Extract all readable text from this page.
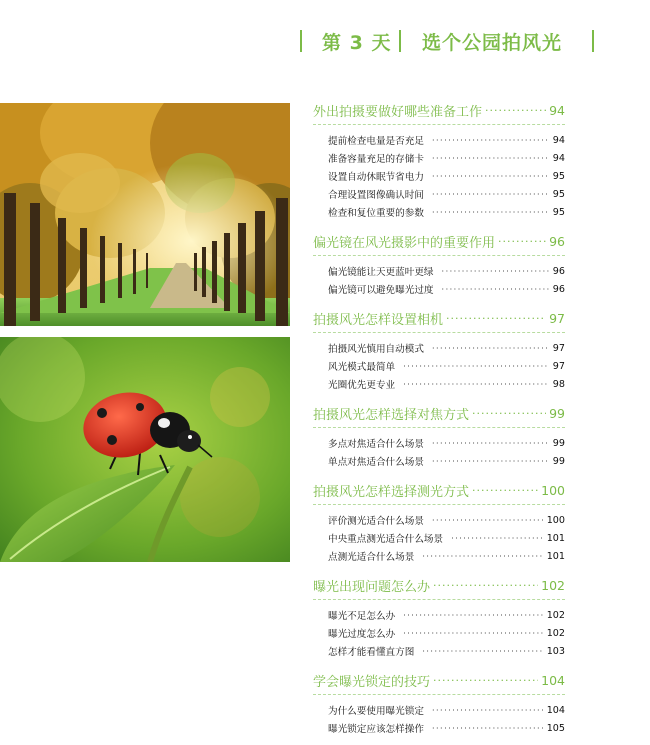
第 3 天 选个公园拍风光
外出拍摄要做好哪些准备工作 ·····	94
提前检查电量是否充足 ·····	94
准备容量充足的存储卡 ·····	94
设置自动休眠节省电力 ·····	95
合理设置图像确认时间 ·····	95
检查和复位重要的参数 ·····	95
偏光镜在风光摄影中的重要作用 ·····	96
偏光镜能让天更蓝叶更绿 ·····	96
偏光镜可以避免曝光过度 ·····	96
拍摄风光怎样设置相机 ·····	97
拍摄风光慎用自动模式 ·····	97
风光模式最简单 ·····	97
光圈优先更专业 ·····	98
拍摄风光怎样选择对焦方式 ·····	99
多点对焦适合什么场景 ·····	99
单点对焦适合什么场景 ·····	99
拍摄风光怎样选择测光方式 ·····	100
评价测光适合什么场景 ·····	100
中央重点测光适合什么场景 ·····	101
点测光适合什么场景 ·····	101
曝光出现问题怎么办 ·····	102
曝光不足怎么办 ·····	102
曝光过度怎么办 ·····	102
怎样才能看懂直方图 ·····	103
学会曝光锁定的技巧 ·····	104
为什么要使用曝光锁定 ·····	104
曝光锁定应该怎样操作 ·····	105
